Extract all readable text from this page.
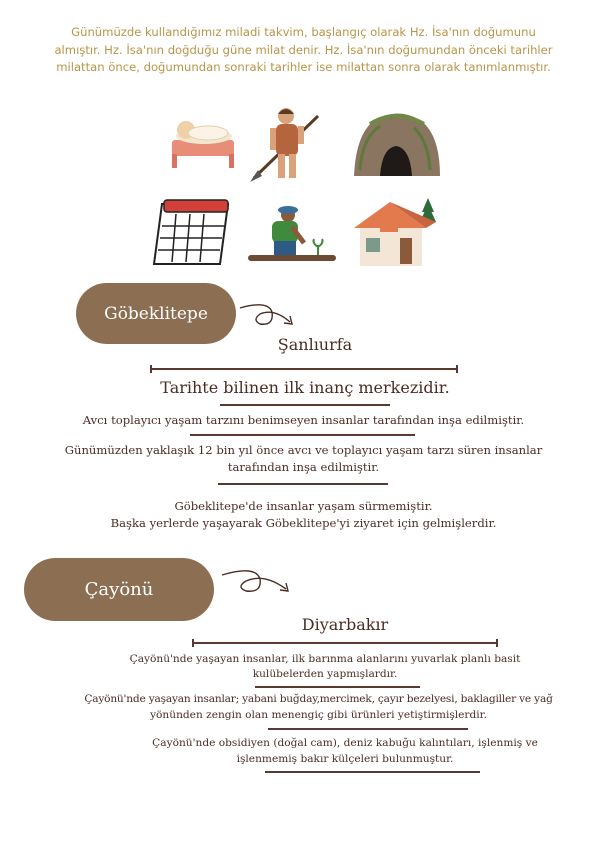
Günümüzde kullandığımız miladi takvim, başlangıç olarak Hz. İsa'nın doğumunu almıştır. Hz. İsa'nın doğduğu güne milat denir. Hz. İsa'nın doğumundan önceki tarihler milattan önce, doğumundan sonraki tarihler ise milattan sonra olarak tanımlanmıştır.
Göbeklitepe
Şanlıurfa
Tarihte bilinen ilk inanç merkezidir.
Avcı toplayıcı yaşam tarzını benimseyen insanlar tarafından inşa edilmiştir.
Günümüzden yaklaşık 12 bin yıl önce avcı ve toplayıcı yaşam tarzı süren insanlar
tarafından inşa edilmiştir.
Göbeklitepe'de insanlar yaşam sürmemiştir.
Başka yerlerde yaşayarak Göbeklitepe'yi ziyaret için gelmişlerdir.
Çayönü
Diyarbakır
Çayönü'nde yaşayan insanlar, ilk barınma alanlarını yuvarlak planlı basit
kulübelerden yapmışlardır.
Çayönü'nde yaşayan insanlar; yabani buğday,mercimek, çayır bezelyesi, baklagiller ve yağ
yönünden zengin olan menengiç gibi ürünleri yetiştirmişlerdir.
Çayönü'nde obsidiyen (doğal cam), deniz kabuğu kalıntıları, işlenmiş ve
işlenmemiş bakır külçeleri bulunmuştur.
